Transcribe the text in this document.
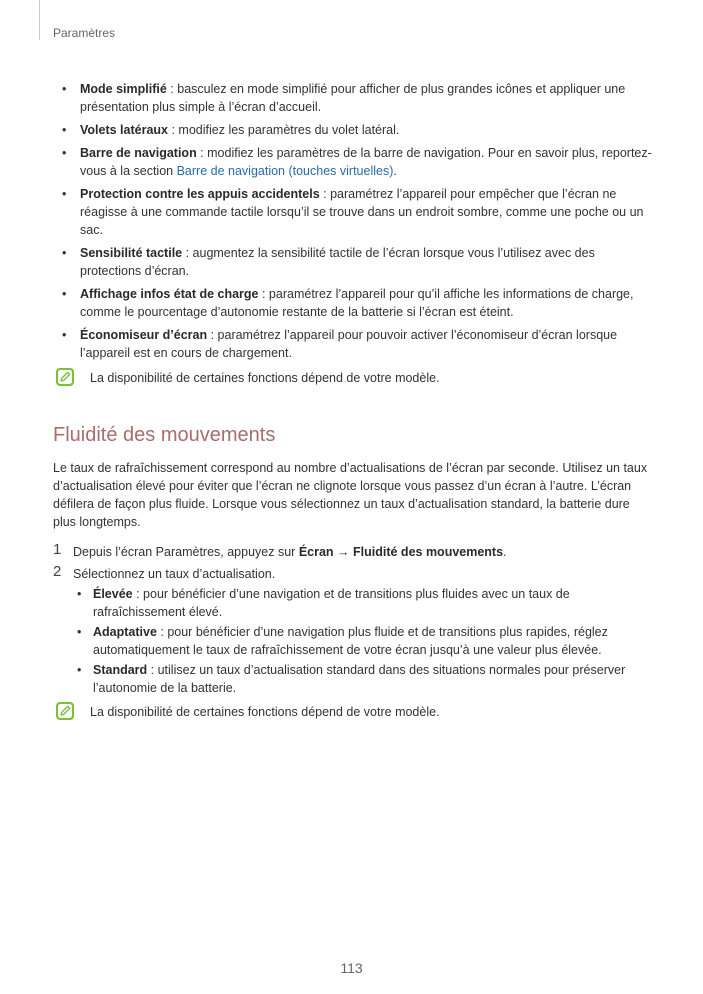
Paramètres
• Mode simplifié : basculez en mode simplifié pour afficher de plus grandes icônes et appliquer une présentation plus simple à l’écran d’accueil.
• Volets latéraux : modifiez les paramètres du volet latéral.
• Barre de navigation : modifiez les paramètres de la barre de navigation. Pour en savoir plus, reportez-vous à la section Barre de navigation (touches virtuelles).
• Protection contre les appuis accidentels : paramétrez l’appareil pour empêcher que l’écran ne réagisse à une commande tactile lorsqu’il se trouve dans un endroit sombre, comme une poche ou un sac.
• Sensibilité tactile : augmentez la sensibilité tactile de l’écran lorsque vous l’utilisez avec des protections d’écran.
• Affichage infos état de charge : paramétrez l’appareil pour qu’il affiche les informations de charge, comme le pourcentage d’autonomie restante de la batterie si l’écran est éteint.
• Économiseur d’écran : paramétrez l’appareil pour pouvoir activer l’économiseur d’écran lorsque l’appareil est en cours de chargement.
La disponibilité de certaines fonctions dépend de votre modèle.
Fluidité des mouvements

Le taux de rafraîchissement correspond au nombre d’actualisations de l’écran par seconde. Utilisez un taux d’actualisation élevé pour éviter que l’écran ne clignote lorsque vous passez d’un écran à l’autre. L’écran défilera de façon plus fluide. Lorsque vous sélectionnez un taux d’actualisation standard, la batterie dure plus longtemps.

1 Depuis l’écran Paramètres, appuyez sur Écran → Fluidité des mouvements.
2 Sélectionnez un taux d’actualisation.
• Élevée : pour bénéficier d’une navigation et de transitions plus fluides avec un taux de rafraîchissement élevé.
• Adaptative : pour bénéficier d’une navigation plus fluide et de transitions plus rapides, réglez automatiquement le taux de rafraîchissement de votre écran jusqu’à une valeur plus élevée.
• Standard : utilisez un taux d’actualisation standard dans des situations normales pour préserver l’autonomie de la batterie.
La disponibilité de certaines fonctions dépend de votre modèle.
113
